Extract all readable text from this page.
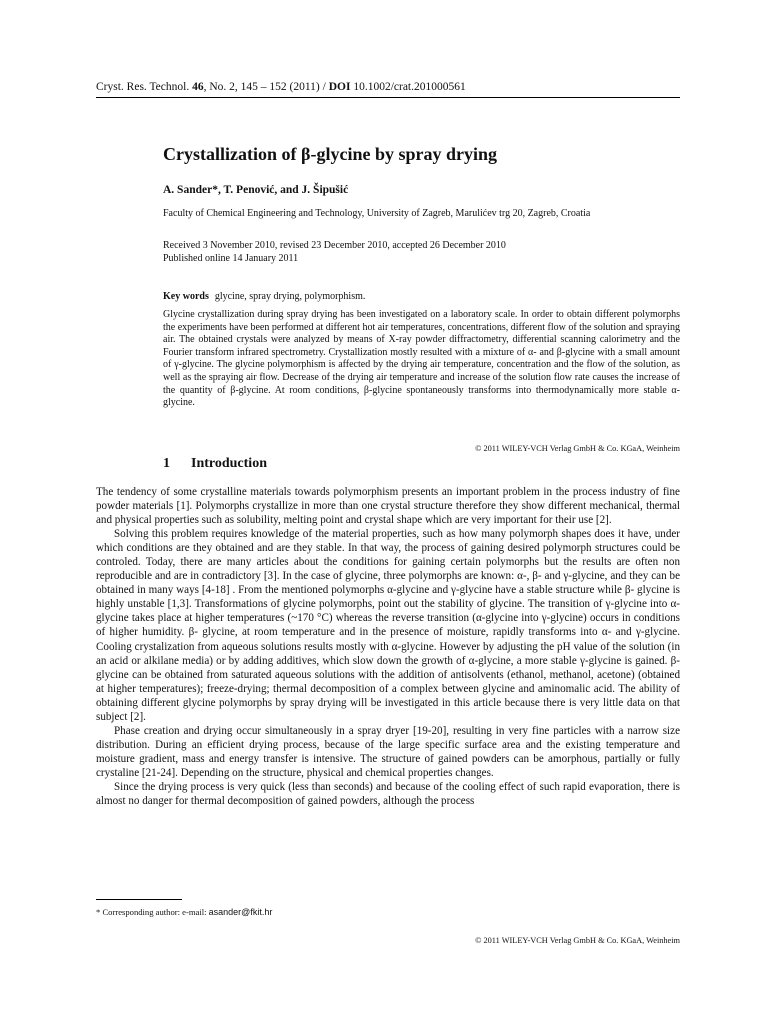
Cryst. Res. Technol. 46, No. 2, 145 – 152 (2011) / DOI 10.1002/crat.201000561
Crystallization of β-glycine by spray drying
A. Sander*, T. Penović, and J. Šipušić
Faculty of Chemical Engineering and Technology, University of Zagreb, Marulićev trg 20, Zagreb, Croatia
Received 3 November 2010, revised 23 December 2010, accepted 26 December 2010
Published online 14 January 2011
Key words glycine, spray drying, polymorphism.

Glycine crystallization during spray drying has been investigated on a laboratory scale. In order to obtain different polymorphs the experiments have been performed at different hot air temperatures, concentrations, different flow of the solution and spraying air. The obtained crystals were analyzed by means of X-ray powder diffractometry, differential scanning calorimetry and the Fourier transform infrared spectrometry. Crystallization mostly resulted with a mixture of α- and β-glycine with a small amount of γ-glycine. The glycine polymorphism is affected by the drying air temperature, concentration and the flow of the solution, as well as the spraying air flow. Decrease of the drying air temperature and increase of the solution flow rate causes the increase of the quantity of β-glycine. At room conditions, β-glycine spontaneously transforms into thermodynamically more stable α-glycine.

© 2011 WILEY-VCH Verlag GmbH & Co. KGaA, Weinheim
1 Introduction

The tendency of some crystalline materials towards polymorphism presents an important problem in the process industry of fine powder materials [1]. Polymorphs crystallize in more than one crystal structure therefore they show different mechanical, thermal and physical properties such as solubility, melting point and crystal shape which are very important for their use [2].

Solving this problem requires knowledge of the material properties, such as how many polymorph shapes does it have, under which conditions are they obtained and are they stable. In that way, the process of gaining desired polymorph structures could be controled. Today, there are many articles about the conditions for gaining certain polymorphs but the results are often non reproducible and are in contradictory [3]. In the case of glycine, three polymorphs are known: α-, β- and γ-glycine, and they can be obtained in many ways [4-18] . From the mentioned polymorphs α-glycine and γ-glycine have a stable structure while β- glycine is highly unstable [1,3]. Transformations of glycine polymorphs, point out the stability of glycine. The transition of γ-glycine into α-glycine takes place at higher temperatures (~170 °C) whereas the reverse transition (α-glycine into γ-glycine) occurs in conditions of higher humidity. β- glycine, at room temperature and in the presence of moisture, rapidly transforms into α- and γ-glycine. Cooling crystalization from aqueous solutions results mostly with α-glycine. However by adjusting the pH value of the solution (in an acid or alkilane media) or by adding additives, which slow down the growth of α-glycine, a more stable γ-glycine is gained. β- glycine can be obtained from saturated aqueous solutions with the addition of antisolvents (ethanol, methanol, acetone) (obtained at higher temperatures); freeze-drying; thermal decomposition of a complex between glycine and aminomalic acid. The ability of obtaining different glycine polymorphs by spray drying will be investigated in this article because there is very little data on that subject [2].

Phase creation and drying occur simultaneously in a spray dryer [19-20], resulting in very fine particles with a narrow size distribution. During an efficient drying process, because of the large specific surface area and the existing temperature and moisture gradient, mass and energy transfer is intensive. The structure of gained powders can be amorphous, partially or fully crystaline [21-24]. Depending on the structure, physical and chemical properties changes.

Since the drying process is very quick (less than seconds) and because of the cooling effect of such rapid evaporation, there is almost no danger for thermal decomposition of gained powders, although the process

* Corresponding author: e-mail: asander@fkit.hr
© 2011 WILEY-VCH Verlag GmbH & Co. KGaA, Weinheim
